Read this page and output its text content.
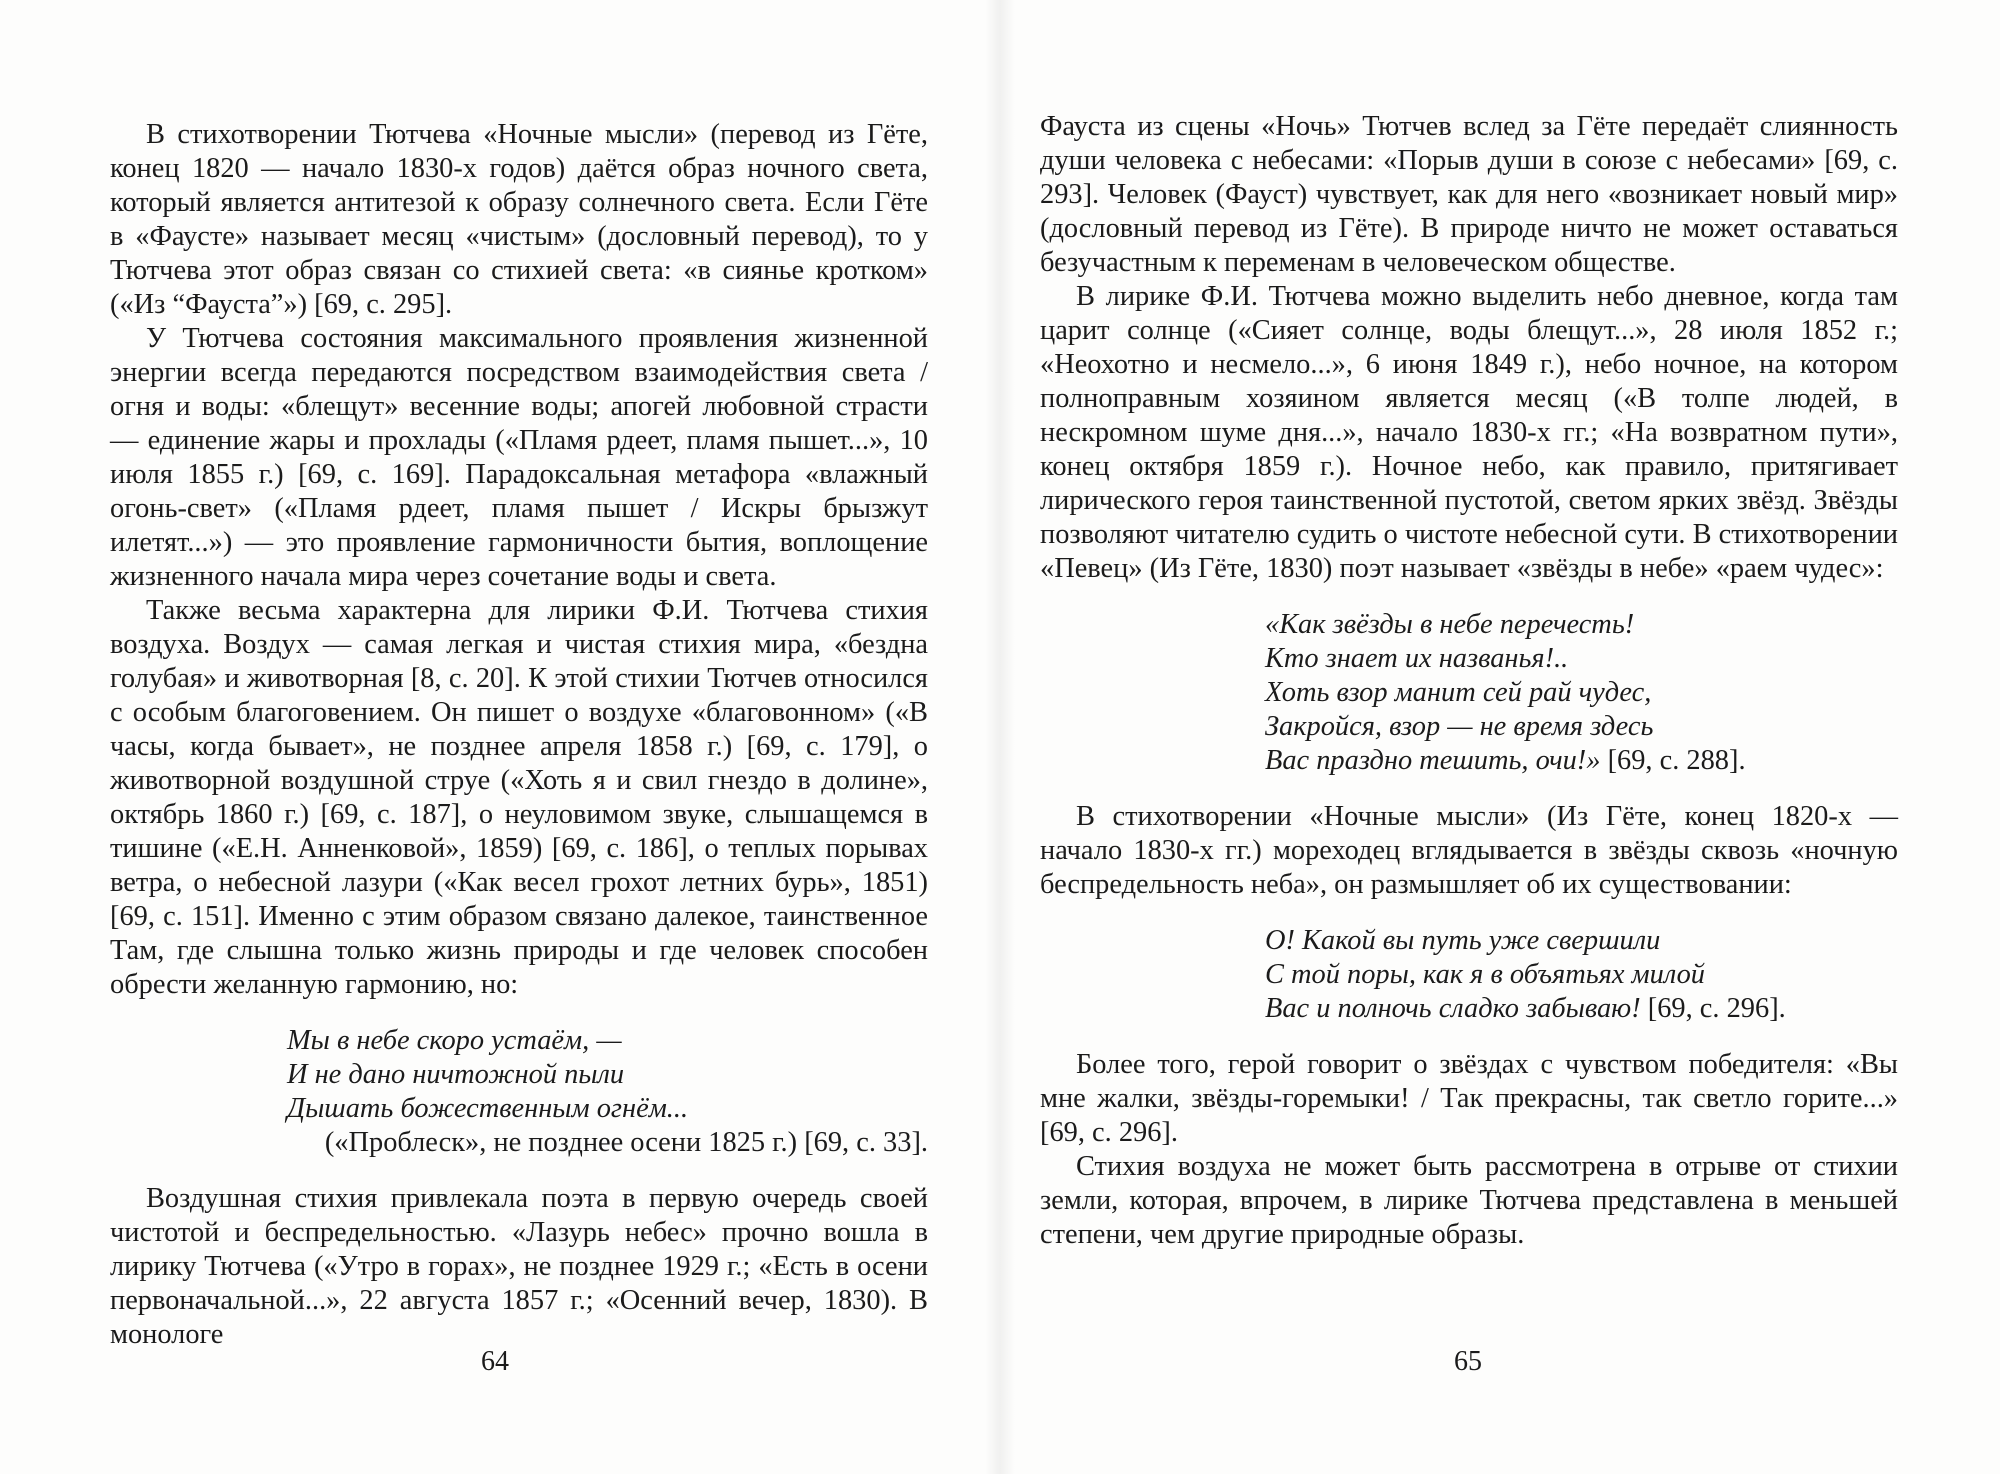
В стихотворении Тютчева «Ночные мысли» (перевод из Гёте, конец 1820 — начало 1830-х годов) даётся образ ночного света, который является антитезой к образу солнечного света. Если Гёте в «Фаусте» называет месяц «чистым» (дословный перевод), то у Тютчева этот образ связан со стихией света: «в сиянье кротком» («Из “Фауста”») [69, с. 295].

У Тютчева состояния максимального проявления жизненной энергии всегда передаются посредством взаимодействия света / огня и воды: «блещут» весенние воды; апогей любовной страсти — единение жары и прохлады («Пламя рдеет, пламя пышет...», 10 июля 1855 г.) [69, с. 169]. Парадоксальная метафора «влажный огонь-свет» («Пламя рдеет, пламя пышет / Искры брызжут илетят...») — это проявление гармоничности бытия, воплощение жизненного начала мира через сочетание воды и света.

Также весьма характерна для лирики Ф.И. Тютчева стихия воздуха. Воздух — самая легкая и чистая стихия мира, «бездна голубая» и животворная [8, с. 20]. К этой стихии Тютчев относился с особым благоговением. Он пишет о воздухе «благовонном» («В часы, когда бывает», не позднее апреля 1858 г.) [69, с. 179], о животворной воздушной струе («Хоть я и свил гнездо в долине», октябрь 1860 г.) [69, с. 187], о неуловимом звуке, слышащемся в тишине («Е.Н. Анненковой», 1859) [69, с. 186], о теплых порывах ветра, о небесной лазури («Как весел грохот летних бурь», 1851) [69, с. 151]. Именно с этим образом связано далекое, таинственное Там, где слышна только жизнь природы и где человек способен обрести желанную гармонию, но:

Мы в небе скоро устаём, —
И не дано ничтожной пыли
Дышать божественным огнём...
(«Проблеск», не позднее осени 1825 г.) [69, с. 33].

Воздушная стихия привлекала поэта в первую очередь своей чистотой и беспредельностью. «Лазурь небес» прочно вошла в лирику Тютчева («Утро в горах», не позднее 1929 г.; «Есть в осени первоначальной...», 22 августа 1857 г.; «Осенний вечер, 1830). В монологе

64

Фауста из сцены «Ночь» Тютчев вслед за Гёте передаёт слиянность души человека с небесами: «Порыв души в союзе с небесами» [69, с. 293]. Человек (Фауст) чувствует, как для него «возникает новый мир» (дословный перевод из Гёте). В природе ничто не может оставаться безучастным к переменам в человеческом обществе.

В лирике Ф.И. Тютчева можно выделить небо дневное, когда там царит солнце («Сияет солнце, воды блещут...», 28 июля 1852 г.; «Неохотно и несмело...», 6 июня 1849 г.), небо ночное, на котором полноправным хозяином является месяц («В толпе людей, в нескромном шуме дня...», начало 1830-х гг.; «На возвратном пути», конец октября 1859 г.). Ночное небо, как правило, притягивает лирического героя таинственной пустотой, светом ярких звёзд. Звёзды позволяют читателю судить о чистоте небесной сути. В стихотворении «Певец» (Из Гёте, 1830) поэт называет «звёзды в небе» «раем чудес»:

«Как звёзды в небе перечесть!
Кто знает их названья!..
Хоть взор манит сей рай чудес,
Закройся, взор — не время здесь
Вас праздно тешить, очи!» [69, с. 288].

В стихотворении «Ночные мысли» (Из Гёте, конец 1820-х — начало 1830-х гг.) мореходец вглядывается в звёзды сквозь «ночную беспредельность неба», он размышляет об их существовании:

О! Какой вы путь уже свершили
С той поры, как я в объятьях милой
Вас и полночь сладко забываю! [69, с. 296].

Более того, герой говорит о звёздах с чувством победителя: «Вы мне жалки, звёзды-горемыки! / Так прекрасны, так светло горите...» [69, с. 296].

Стихия воздуха не может быть рассмотрена в отрыве от стихии земли, которая, впрочем, в лирике Тютчева представлена в меньшей степени, чем другие природные образы.

65
